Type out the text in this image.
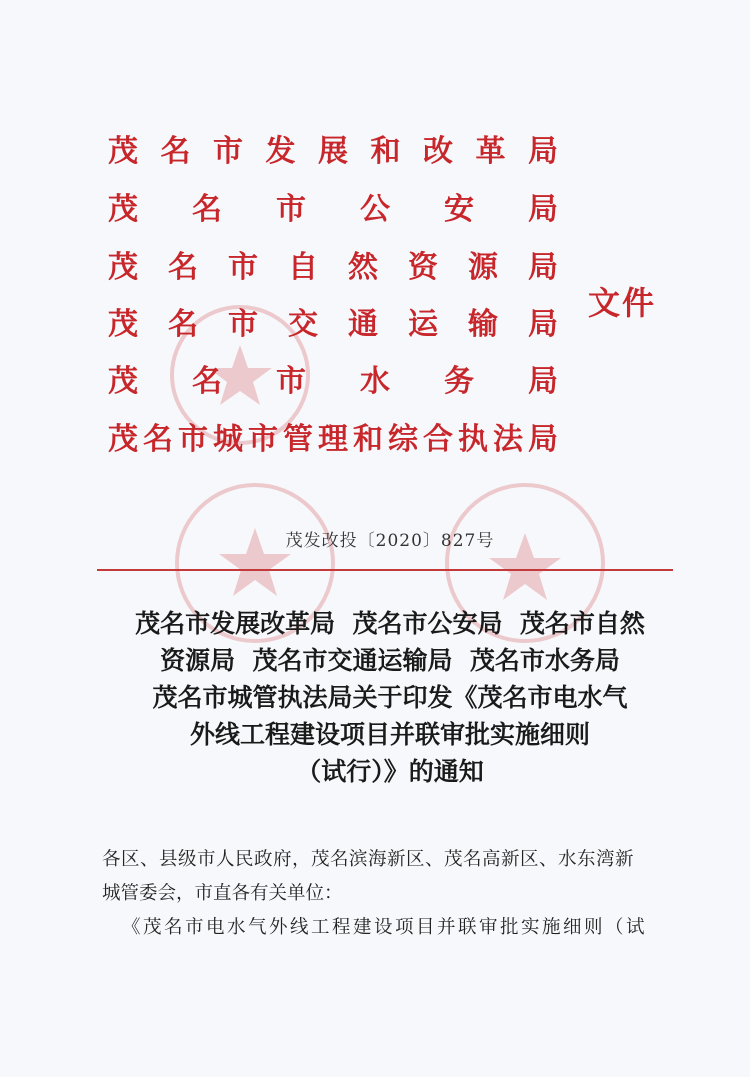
茂 名 市 发 展 和 改 革 局
茂 名 市 公 安 局
茂 名 市 自 然 资 源 局
茂 名 市 交 通 运 输 局
茂 名 市 水 务 局
茂 名 市 城 市 管 理 和 综 合 执 法 局
文件
茂发改投〔2020〕827号
茂名市发展改革局  茂名市公安局  茂名市自然
资源局  茂名市交通运输局  茂名市水务局
茂名市城管执法局关于印发《茂名市电水气
外线工程建设项目并联审批实施细则
（试行）》的通知

各区、县级市人民政府，茂名滨海新区、茂名高新区、水东湾新

城管委会，市直各有关单位：

《茂名市电水气外线工程建设项目并联审批实施细则（试
